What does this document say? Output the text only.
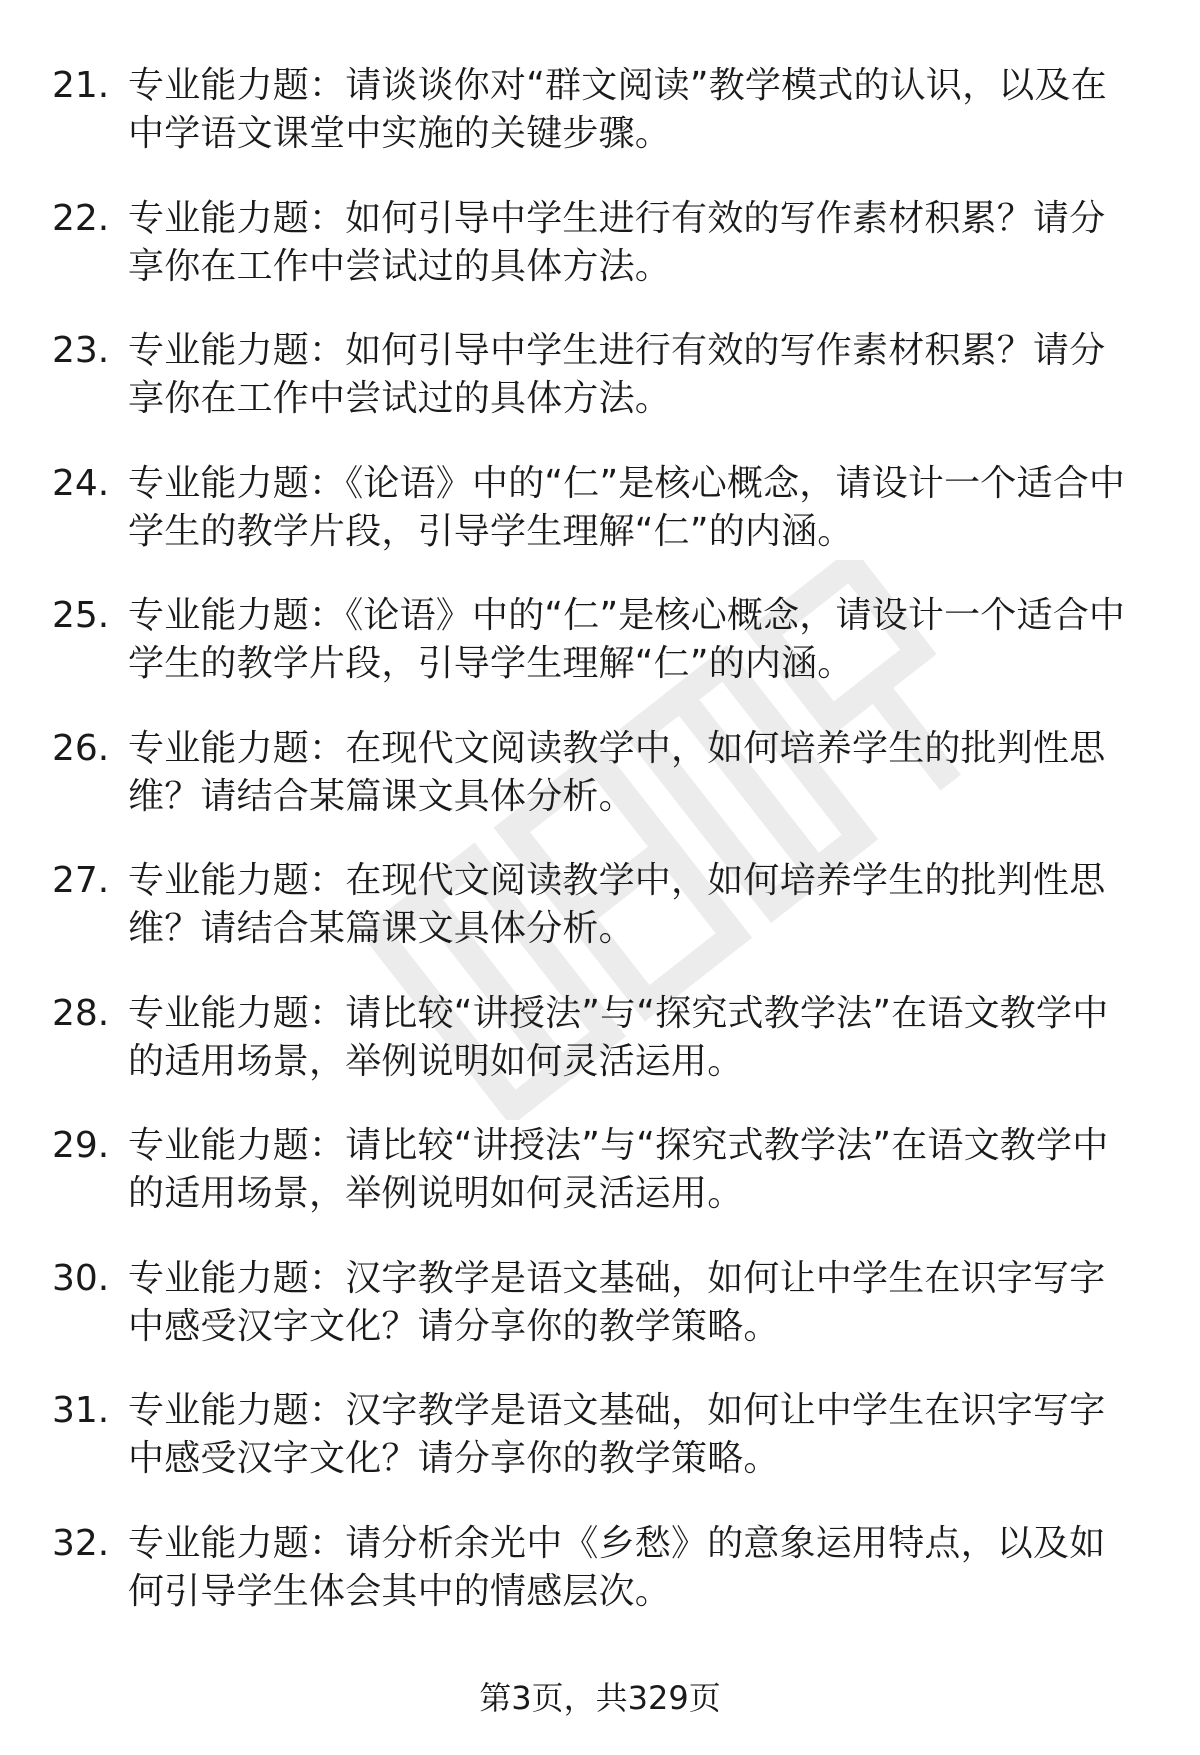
21. 专业能力题：请谈谈你对“群文阅读”教学模式的认识，以及在中学语文课堂中实施的关键步骤。
22. 专业能力题：如何引导中学生进行有效的写作素材积累？请分享你在工作中尝试过的具体方法。
23. 专业能力题：如何引导中学生进行有效的写作素材积累？请分享你在工作中尝试过的具体方法。
24. 专业能力题：《论语》中的“仁”是核心概念，请设计一个适合中学生的教学片段，引导学生理解“仁”的内涵。
25. 专业能力题：《论语》中的“仁”是核心概念，请设计一个适合中学生的教学片段，引导学生理解“仁”的内涵。
26. 专业能力题：在现代文阅读教学中，如何培养学生的批判性思维？请结合某篇课文具体分析。
27. 专业能力题：在现代文阅读教学中，如何培养学生的批判性思维？请结合某篇课文具体分析。
28. 专业能力题：请比较“讲授法”与“探究式教学法”在语文教学中的适用场景，举例说明如何灵活运用。
29. 专业能力题：请比较“讲授法”与“探究式教学法”在语文教学中的适用场景，举例说明如何灵活运用。
30. 专业能力题：汉字教学是语文基础，如何让中学生在识字写字中感受汉字文化？请分享你的教学策略。
31. 专业能力题：汉字教学是语文基础，如何让中学生在识字写字中感受汉字文化？请分享你的教学策略。
32. 专业能力题：请分析余光中《乡愁》的意象运用特点，以及如何引导学生体会其中的情感层次。
第3页，共329页
